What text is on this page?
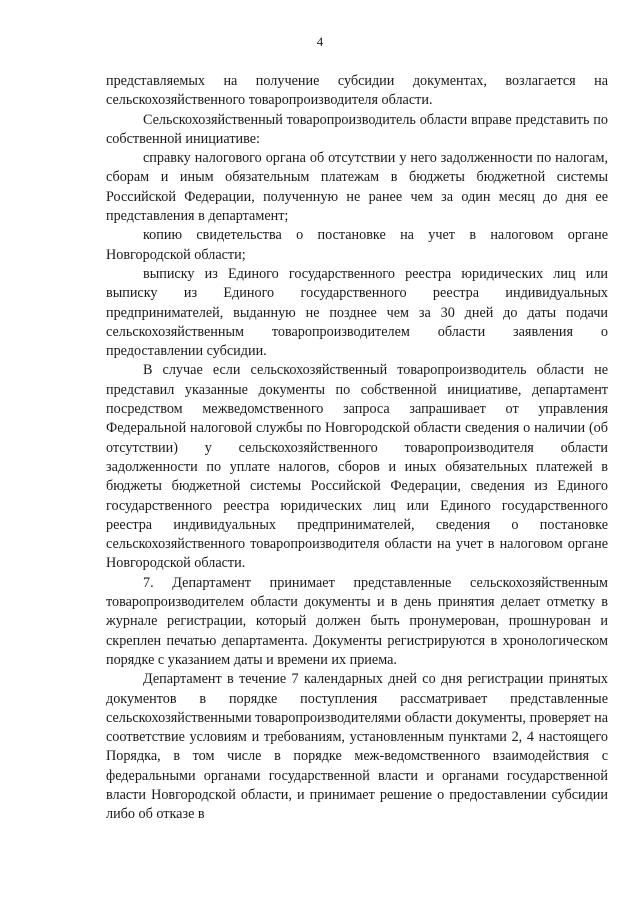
4

представляемых на получение субсидии документах, возлагается на сельскохозяйственного товаропроизводителя области.

Сельскохозяйственный товаропроизводитель области вправе представить по собственной инициативе:

справку налогового органа об отсутствии у него задолженности по налогам, сборам и иным обязательным платежам в бюджеты бюджетной системы Российской Федерации, полученную не ранее чем за один месяц до дня ее представления в департамент;

копию свидетельства о постановке на учет в налоговом органе Новгородской области;

выписку из Единого государственного реестра юридических лиц или выписку из Единого государственного реестра индивидуальных предпринимателей, выданную не позднее чем за 30 дней до даты подачи сельскохозяйственным товаропроизводителем области заявления о предоставлении субсидии.

В случае если сельскохозяйственный товаропроизводитель области не представил указанные документы по собственной инициативе, департамент посредством межведомственного запроса запрашивает от управления Федеральной налоговой службы по Новгородской области сведения о наличии (об отсутствии) у сельскохозяйственного товаропроизводителя области задолженности по уплате налогов, сборов и иных обязательных платежей в бюджеты бюджетной системы Российской Федерации, сведения из Единого государственного реестра юридических лиц или Единого государственного реестра индивидуальных предпринимателей, сведения о постановке сельскохозяйственного товаропроизводителя области на учет в налоговом органе Новгородской области.

7. Департамент принимает представленные сельскохозяйственным товаропроизводителем области документы и в день принятия делает отметку в журнале регистрации, который должен быть пронумерован, прошнурован и скреплен печатью департамента. Документы регистрируются в хронологическом порядке с указанием даты и времени их приема.

Департамент в течение 7 календарных дней со дня регистрации принятых документов в порядке поступления рассматривает представленные сельскохозяйственными товаропроизводителями области документы, проверяет на соответствие условиям и требованиям, установленным пунктами 2, 4 настоящего Порядка, в том числе в порядке меж-ведомственного взаимодействия с федеральными органами государственной власти и органами государственной власти Новгородской области, и принимает решение о предоставлении субсидии либо об отказе в
